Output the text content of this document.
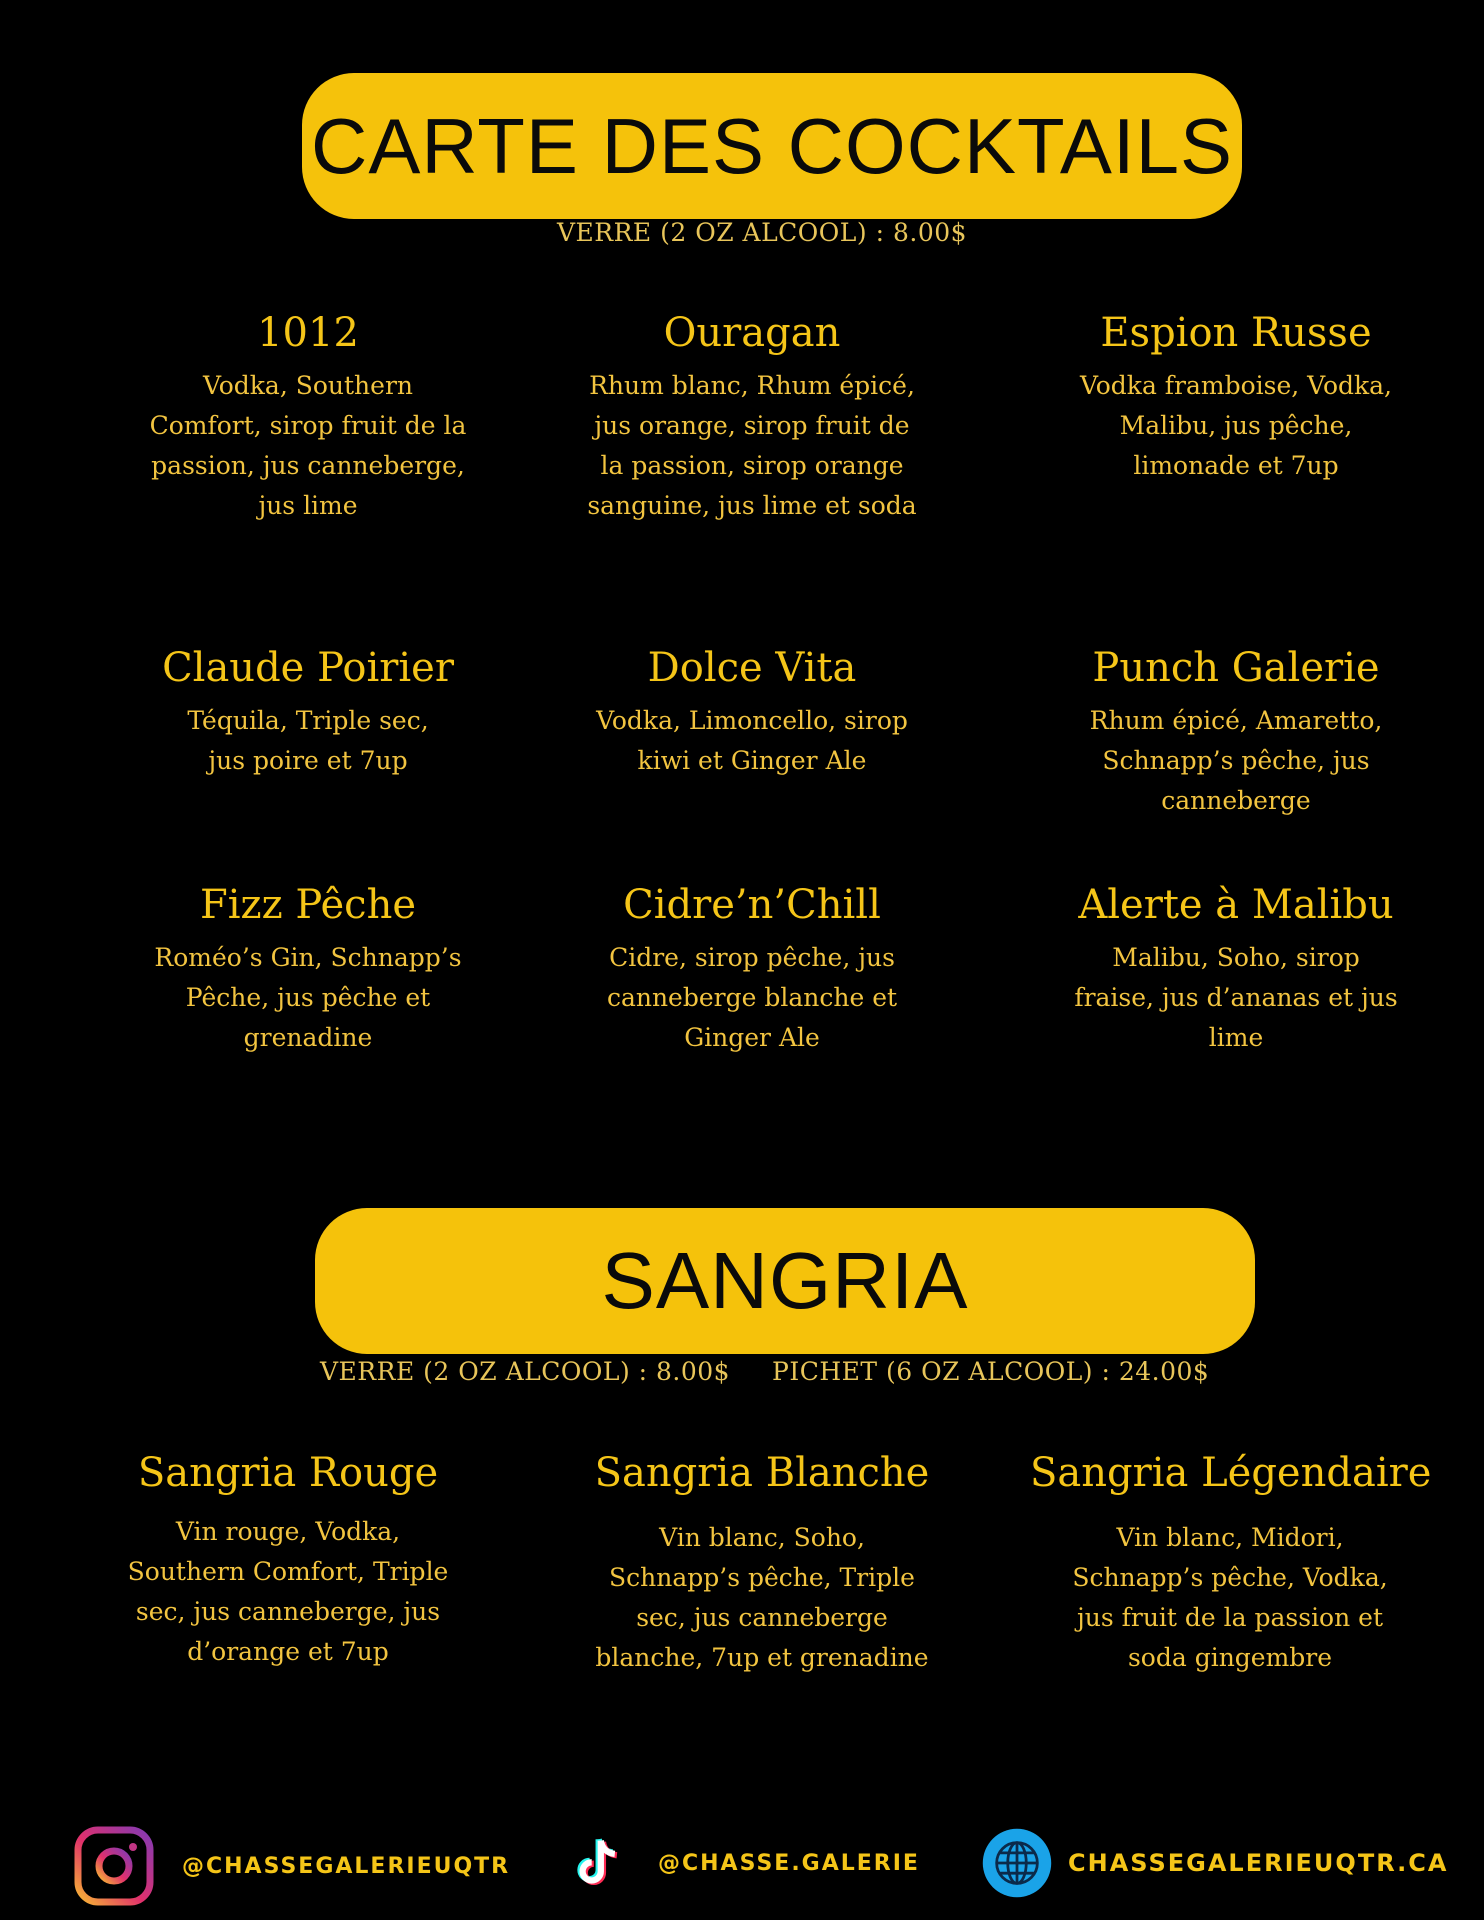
CARTE DES COCKTAILS
VERRE (2 OZ ALCOOL) : 8.00$
1012
Vodka, Southern Comfort, sirop fruit de la passion, jus canneberge, jus lime
Ouragan
Rhum blanc, Rhum épicé, jus orange, sirop fruit de la passion, sirop orange sanguine, jus lime et soda
Espion Russe
Vodka framboise, Vodka, Malibu, jus pêche, limonade et 7up
Claude Poirier
Téquila, Triple sec, jus poire et 7up
Dolce Vita
Vodka, Limoncello, sirop kiwi et Ginger Ale
Punch Galerie
Rhum épicé, Amaretto, Schnapp’s pêche, jus canneberge
Fizz Pêche
Roméo’s Gin, Schnapp’s Pêche, jus pêche et grenadine
Cidre’n’Chill
Cidre, sirop pêche, jus canneberge blanche et Ginger Ale
Alerte à Malibu
Malibu, Soho, sirop fraise, jus d’ananas et jus lime
SANGRIA
VERRE (2 OZ ALCOOL) : 8.00$ PICHET (6 OZ ALCOOL) : 24.00$
Sangria Rouge
Vin rouge, Vodka, Southern Comfort, Triple sec, jus canneberge, jus d’orange et 7up
Sangria Blanche
Vin blanc, Soho, Schnapp’s pêche, Triple sec, jus canneberge blanche, 7up et grenadine
Sangria Légendaire
Vin blanc, Midori, Schnapp’s pêche, Vodka, jus fruit de la passion et soda gingembre
@CHASSEGALERIEUQTR	@CHASSE.GALERIE	CHASSEGALERIEUQTR.CA
